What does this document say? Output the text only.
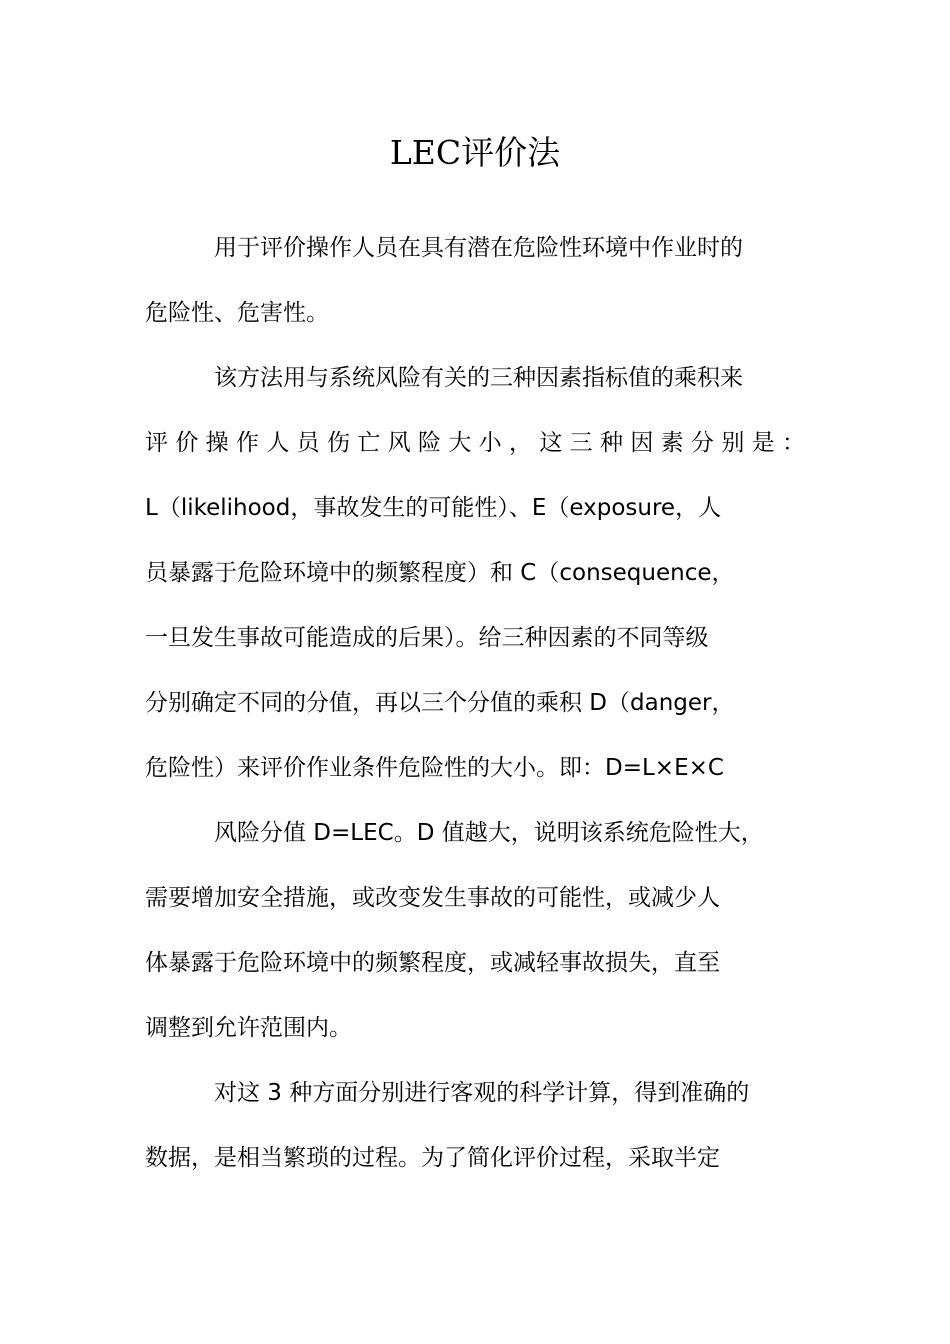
LEC评价法
用于评价操作人员在具有潜在危险性环境中作业时的
危险性、危害性。
该方法用与系统风险有关的三种因素指标值的乘积来
评 价 操 作 人 员 伤 亡 风 险 大 小 ， 这 三 种 因 素 分 别 是 ：
L（likelihood，事故发生的可能性）、E（exposure，人
员暴露于危险环境中的频繁程度）和 C（consequence，
一旦发生事故可能造成的后果）。给三种因素的不同等级
分别确定不同的分值，再以三个分值的乘积 D（danger，
危险性）来评价作业条件危险性的大小。即：D=L×E×C
风险分值 D=LEC。D 值越大，说明该系统危险性大，
需要增加安全措施，或改变发生事故的可能性，或减少人
体暴露于危险环境中的频繁程度，或减轻事故损失，直至
调整到允许范围内。
对这 3 种方面分别进行客观的科学计算，得到准确的
数据，是相当繁琐的过程。为了简化评价过程，采取半定
